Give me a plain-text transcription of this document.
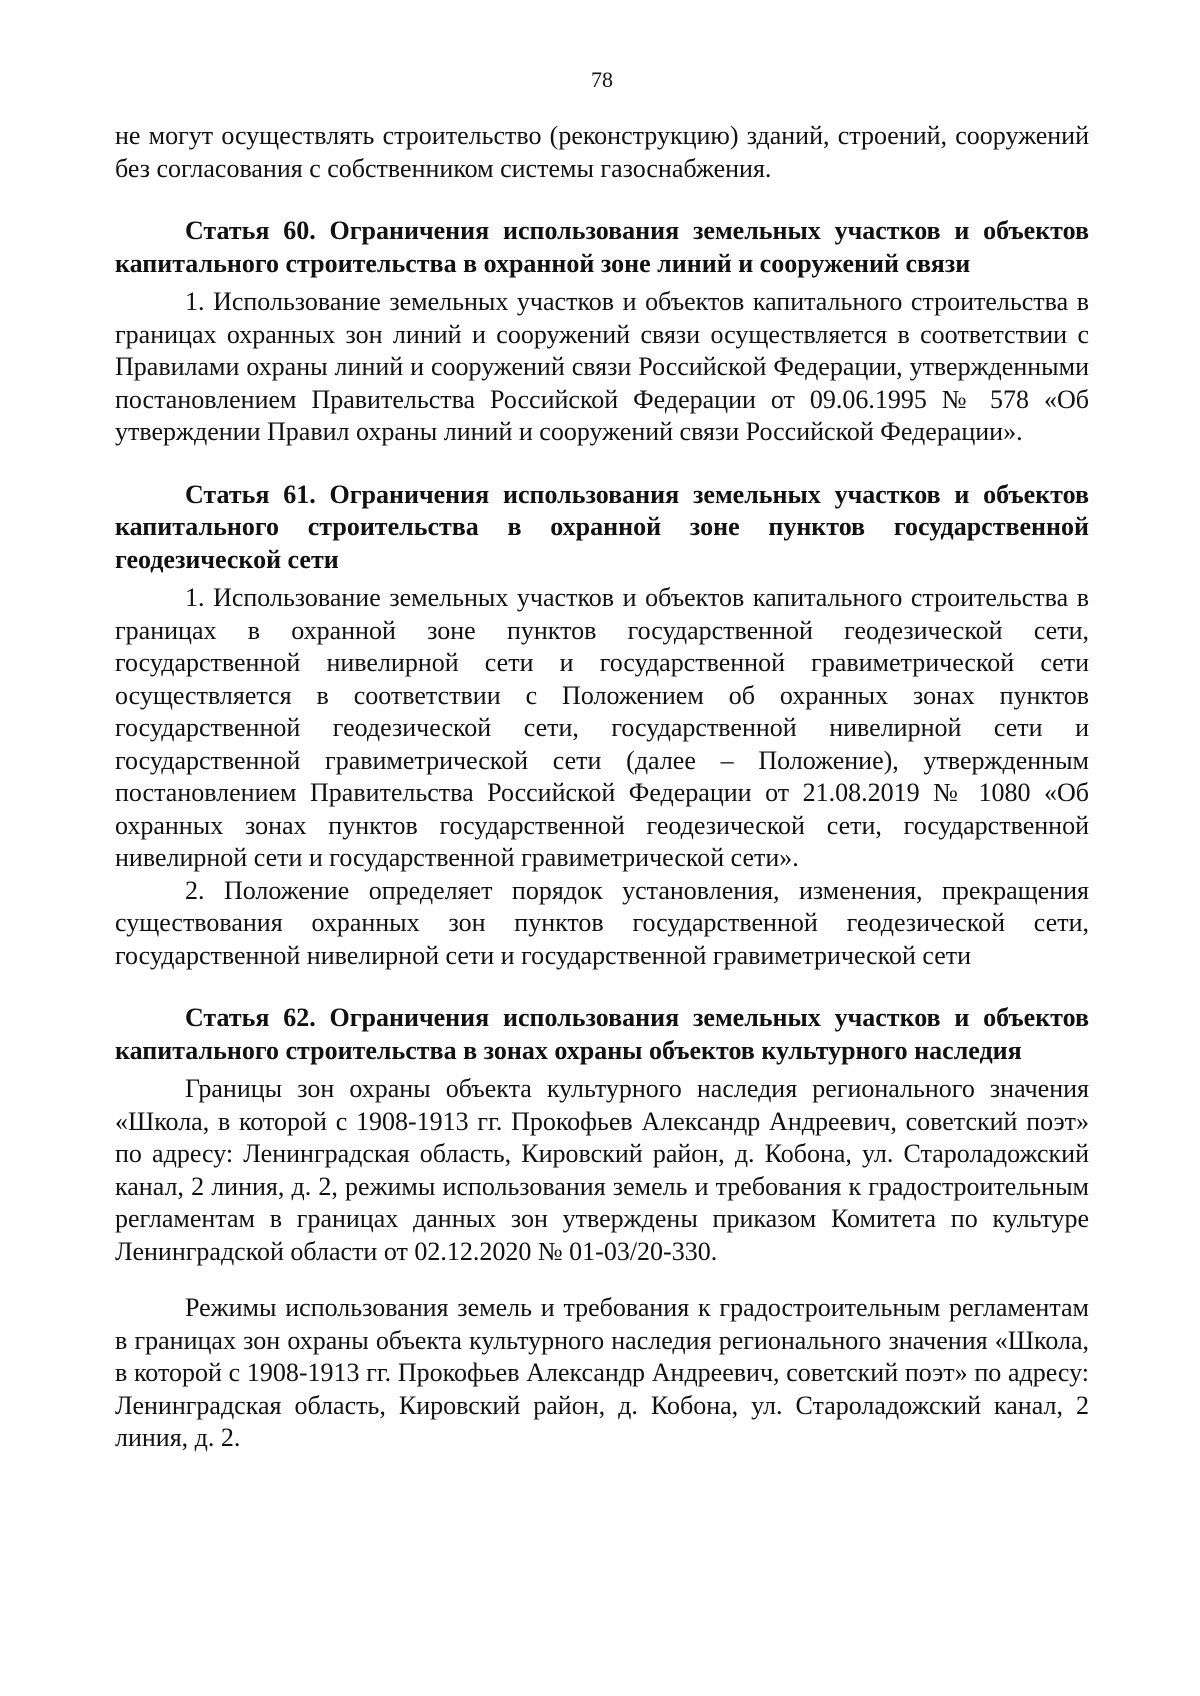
78

не могут осуществлять строительство (реконструкцию) зданий, строений, сооружений без согласования с собственником системы газоснабжения.

Статья 60. Ограничения использования земельных участков и объектов капитального строительства в охранной зоне линий и сооружений связи

1. Использование земельных участков и объектов капитального строительства в границах охранных зон линий и сооружений связи осуществляется в соответствии с Правилами охраны линий и сооружений связи Российской Федерации, утвержденными постановлением Правительства Российской Федерации от 09.06.1995 № 578 «Об утверждении Правил охраны линий и сооружений связи Российской Федерации».

Статья 61. Ограничения использования земельных участков и объектов капитального строительства в охранной зоне пунктов государственной геодезической сети

1. Использование земельных участков и объектов капитального строительства в границах в охранной зоне пунктов государственной геодезической сети, государственной нивелирной сети и государственной гравиметрической сети осуществляется в соответствии с Положением об охранных зонах пунктов государственной геодезической сети, государственной нивелирной сети и государственной гравиметрической сети (далее – Положение), утвержденным постановлением Правительства Российской Федерации от 21.08.2019 № 1080 «Об охранных зонах пунктов государственной геодезической сети, государственной нивелирной сети и государственной гравиметрической сети».

2. Положение определяет порядок установления, изменения, прекращения существования охранных зон пунктов государственной геодезической сети, государственной нивелирной сети и государственной гравиметрической сети

Статья 62. Ограничения использования земельных участков и объектов капитального строительства в зонах охраны объектов культурного наследия

Границы зон охраны объекта культурного наследия регионального значения «Школа, в которой с 1908-1913 гг. Прокофьев Александр Андреевич, советский поэт» по адресу: Ленинградская область, Кировский район, д. Кобона, ул. Староладожский канал, 2 линия, д. 2, режимы использования земель и требования к градостроительным регламентам в границах данных зон утверждены приказом Комитета по культуре Ленинградской области от 02.12.2020 № 01-03/20-330.

Режимы использования земель и требования к градостроительным регламентам в границах зон охраны объекта культурного наследия регионального значения «Школа, в которой с 1908-1913 гг. Прокофьев Александр Андреевич, советский поэт» по адресу: Ленинградская область, Кировский район, д. Кобона, ул. Староладожский канал, 2 линия, д. 2.
